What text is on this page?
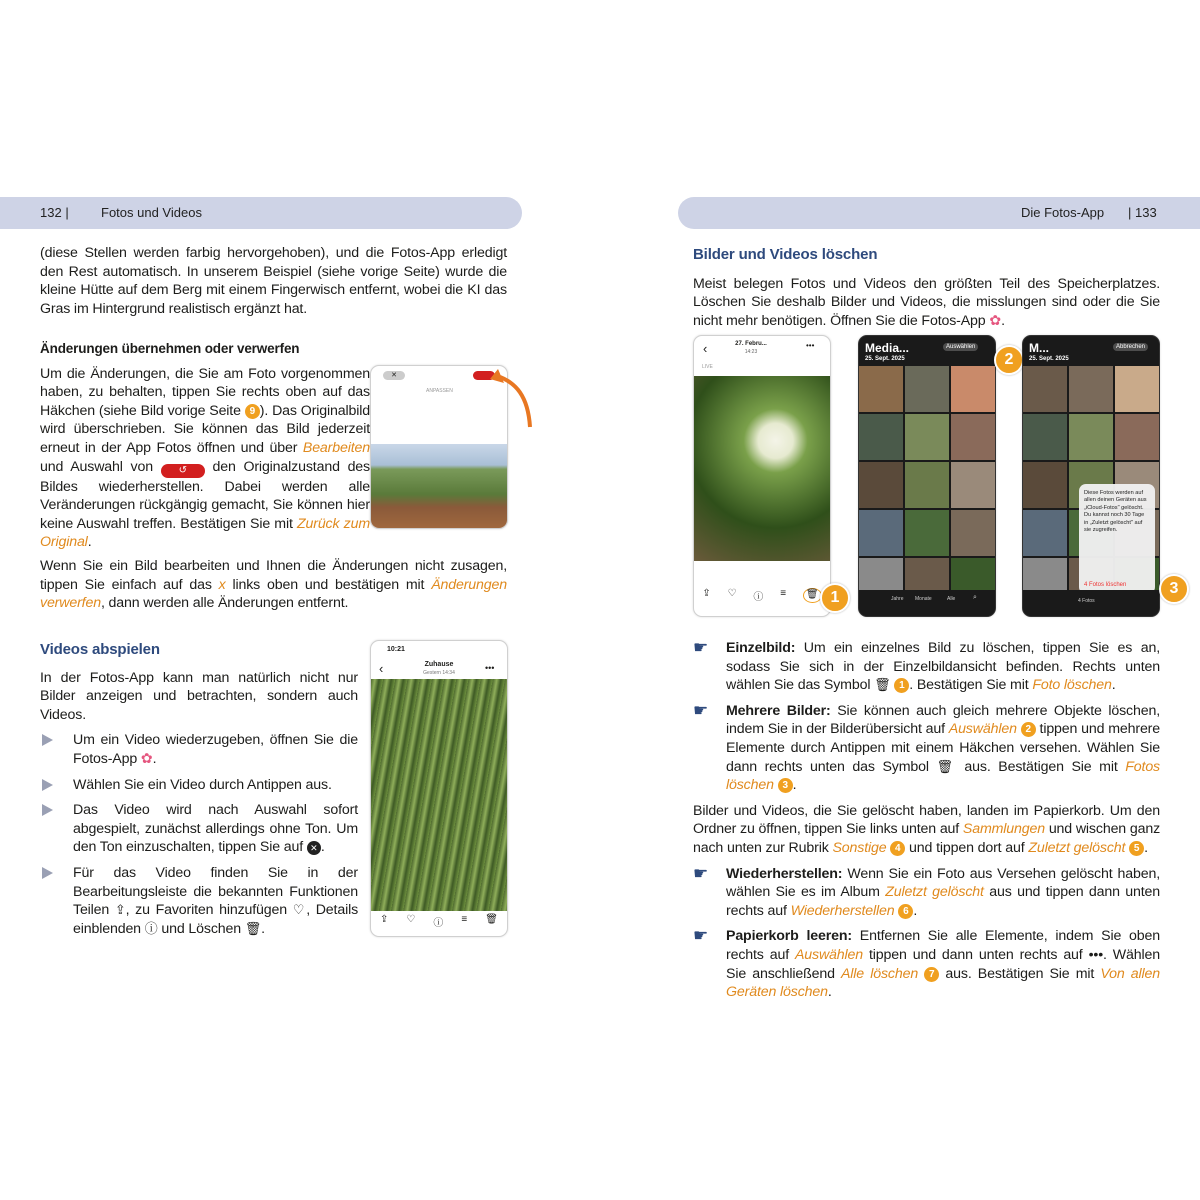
132 | Fotos und Videos

(diese Stellen werden farbig hervorgehoben), und die Fotos-App erledigt den Rest automatisch. In unserem Beispiel (siehe vorige Seite) wurde die kleine Hütte auf dem Berg mit einem Fingerwisch entfernt, wobei die KI das Gras im Hintergrund realistisch ergänzt hat.

Änderungen übernehmen oder verwerfen

Um die Änderungen, die Sie am Foto vorgenommen haben, zu behalten, tippen Sie rechts oben auf das Häkchen (siehe Bild vorige Seite 9 ). Das Originalbild wird überschrieben. Sie können das Bild jederzeit erneut in der App Fotos öffnen und über Bearbeiten und Auswahl von ↺ den Originalzustand des Bildes wiederherstellen. Dabei werden alle Veränderungen rückgängig gemacht, Sie können hier keine Auswahl treffen. Bestätigen Sie mit Zurück zum Original.

Wenn Sie ein Bild bearbeiten und Ihnen die Änderungen nicht zusagen, tippen Sie einfach auf das x links oben und bestätigen mit Änderungen verwerfen, dann werden alle Änderungen entfernt.

✕
ANPASSEN
Videos abspielen

In der Fotos-App kann man natürlich nicht nur Bilder anzeigen und betrachten, sondern auch Videos.

Um ein Video wiederzugeben, öffnen Sie die Fotos-App ✿.
Wählen Sie ein Video durch Antippen aus.
Das Video wird nach Auswahl sofort abgespielt, zunächst allerdings ohne Ton. Um den Ton einzuschalten, tippen Sie auf ✕ .
Für das Video finden Sie in der Bearbeitungsleiste die bekannten Funktionen Teilen ⇪, zu Favoriten hinzufügen ♡, Details einblenden ⓘ und Löschen 🗑.
10:21
‹	Zuhause
Gestern 14:34	•••
⇪ ♡ ⓘ ≡ 🗑
Die Fotos-App | 133
Bilder und Videos löschen

Meist belegen Fotos und Videos den größten Teil des Speicherplatzes. Löschen Sie deshalb Bilder und Videos, die misslungen sind oder die Sie nicht mehr benötigen. Öffnen Sie die Fotos-App ✿.

‹	27. Febru...
14:23
•••
LIVE
⇪ ♡ ⓘ ≡	🗑 1
Media...
25. Sept. 2025
Auswählen
Jahre Monate	Alle	⌕
2
M...
25. Sept. 2025
Abbrechen
Diese Fotos werden auf allen deinen Geräten aus „iCloud-Fotos" gelöscht. Du kannst noch 30 Tage in „Zuletzt gelöscht" auf sie zugreifen.
4 Fotos löschen
4 Fotos
3
☛ Einzelbild: Um ein einzelnes Bild zu löschen, tippen Sie es an, sodass Sie sich in der Einzelbildansicht befinden. Rechts unten wählen Sie das Symbol 🗑 1 . Bestätigen Sie mit Foto löschen.
☛ Mehrere Bilder: Sie können auch gleich mehrere Objekte löschen, indem Sie in der Bilderübersicht auf Auswählen 2 tippen und mehrere Elemente durch Antippen mit einem Häkchen versehen. Wählen Sie dann rechts unten das Symbol 🗑 aus. Bestätigen Sie mit Fotos löschen 3 .

Bilder und Videos, die Sie gelöscht haben, landen im Papierkorb. Um den Ordner zu öffnen, tippen Sie links unten auf Sammlungen und wischen ganz nach unten zur Rubrik Sonstige 4 und tippen dort auf Zuletzt gelöscht 5 .

☛ Wiederherstellen: Wenn Sie ein Foto aus Versehen gelöscht haben, wählen Sie es im Album Zuletzt gelöscht aus und tippen dann unten rechts auf Wiederherstellen 6 .
☛ Papierkorb leeren: Entfernen Sie alle Elemente, indem Sie oben rechts auf Auswählen tippen und dann unten rechts auf •••. Wählen Sie anschließend Alle löschen 7 aus. Bestätigen Sie mit Von allen Geräten löschen.
